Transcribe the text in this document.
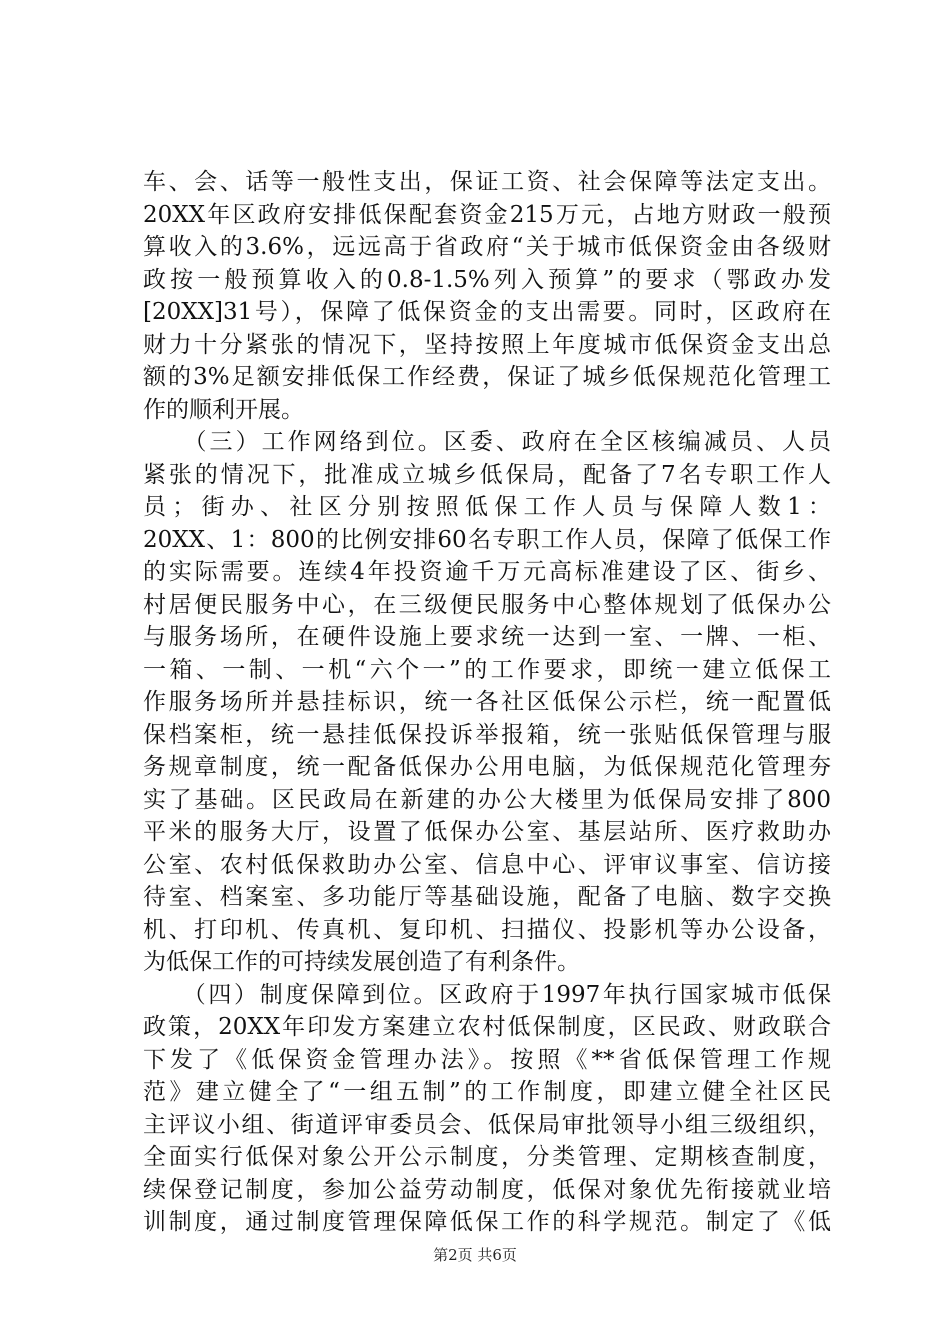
车、会、话等一般性支出，保证工资、社会保障等法定支出。
20XX年区政府安排低保配套资金215万元，占地方财政一般预
算收入的3.6%，远远高于省政府“关于城市低保资金由各级财
政按一般预算收入的0.8-1.5%列入预算”的要求（鄂政办发
[20XX]31号），保障了低保资金的支出需要。同时，区政府在
财力十分紧张的情况下，坚持按照上年度城市低保资金支出总
额的3%足额安排低保工作经费，保证了城乡低保规范化管理工
作的顺利开展。
　　（三）工作网络到位。区委、政府在全区核编减员、人员
紧张的情况下，批准成立城乡低保局，配备了7名专职工作人
员；街办、社区分别按照低保工作人员与保障人数1：
20XX、1：800的比例安排60名专职工作人员，保障了低保工作
的实际需要。连续4年投资逾千万元高标准建设了区、街乡、
村居便民服务中心，在三级便民服务中心整体规划了低保办公
与服务场所，在硬件设施上要求统一达到一室、一牌、一柜、
一箱、一制、一机“六个一”的工作要求，即统一建立低保工
作服务场所并悬挂标识，统一各社区低保公示栏，统一配置低
保档案柜，统一悬挂低保投诉举报箱，统一张贴低保管理与服
务规章制度，统一配备低保办公用电脑，为低保规范化管理夯
实了基础。区民政局在新建的办公大楼里为低保局安排了800
平米的服务大厅，设置了低保办公室、基层站所、医疗救助办
公室、农村低保救助办公室、信息中心、评审议事室、信访接
待室、档案室、多功能厅等基础设施，配备了电脑、数字交换
机、打印机、传真机、复印机、扫描仪、投影机等办公设备，
为低保工作的可持续发展创造了有利条件。
　　（四）制度保障到位。区政府于1997年执行国家城市低保
政策，20XX年印发方案建立农村低保制度，区民政、财政联合
下发了《低保资金管理办法》。按照《**省低保管理工作规
范》建立健全了“一组五制”的工作制度，即建立健全社区民
主评议小组、街道评审委员会、低保局审批领导小组三级组织，
全面实行低保对象公开公示制度，分类管理、定期核查制度，
续保登记制度，参加公益劳动制度，低保对象优先衔接就业培
训制度，通过制度管理保障低保工作的科学规范。制定了《低
第2页 共6页
